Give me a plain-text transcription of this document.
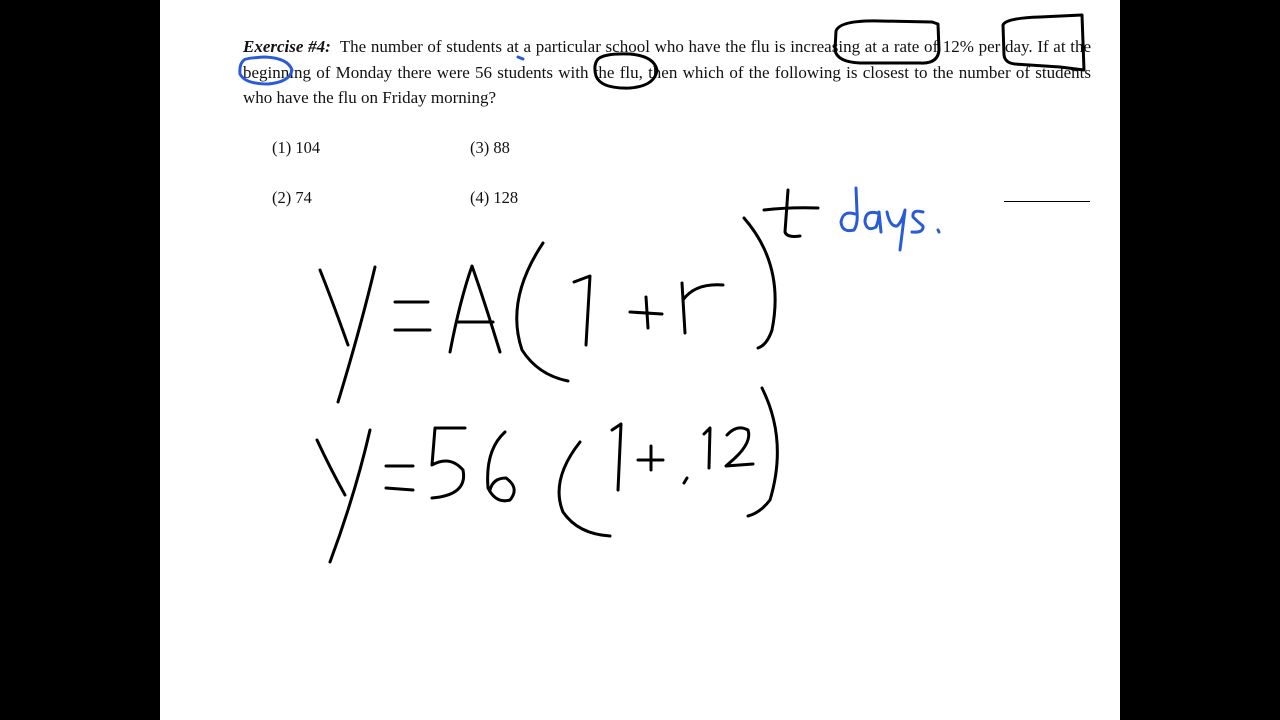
Exercise #4: The number of students at a particular school who have the flu is increasing at a rate of 12% per day. If at the beginning of Monday there were 56 students with the flu, then which of the following is closest to the number of students who have the flu on Friday morning?
(1) 104	(3) 88
(2) 74	(4) 128
